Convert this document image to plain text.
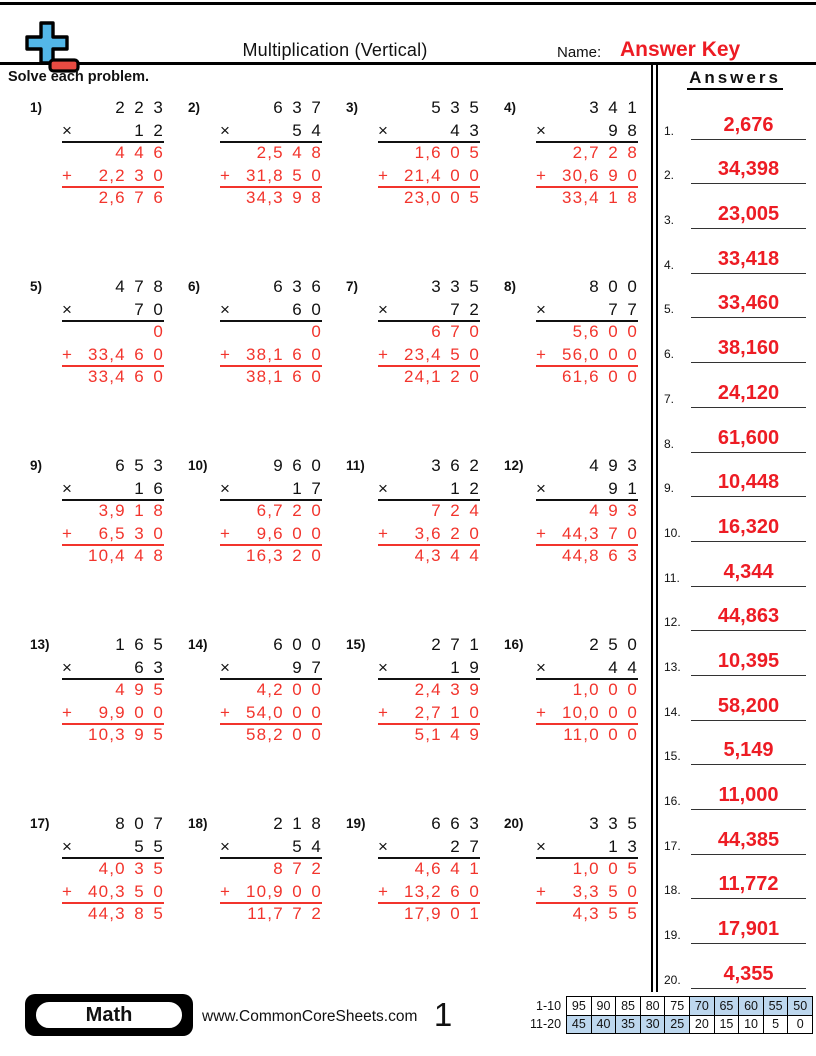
Multiplication (Vertical)	Name: Answer Key
Solve each problem.	Answers
1)	2 2 3
×	1 2
4 4 6
+ 2,2 3 0
2,6 7 6
2)	6 3 7
×	5 4
2,5 4 8
+ 31,8 5 0
34,3 9 8
3)	5 3 5
×	4 3
1,6 0 5
+ 21,4 0 0
23,0 0 5
4)	3 4 1
×	9 8
2,7 2 8
+ 30,6 9 0
33,4 1 8
5)	4 7 8
×	7 0
0
+ 33,4 6 0
33,4 6 0
6)	6 3 6
×	6 0
0
+ 38,1 6 0
38,1 6 0
7)	3 3 5
×	7 2
6 7 0
+ 23,4 5 0
24,1 2 0
8)	8 0 0
×	7 7
5,6 0 0
+ 56,0 0 0
61,6 0 0
9)	6 5 3
×	1 6
3,9 1 8
+ 6,5 3 0
10,4 4 8
10)	9 6 0
×	1 7
6,7 2 0
+ 9,6 0 0
16,3 2 0
11)	3 6 2
×	1 2
7 2 4
+ 3,6 2 0
4,3 4 4
12)	4 9 3
×	9 1
4 9 3
+ 44,3 7 0
44,8 6 3
13)	1 6 5
×	6 3
4 9 5
+ 9,9 0 0
10,3 9 5
14)	6 0 0
×	9 7
4,2 0 0
+ 54,0 0 0
58,2 0 0
15)	2 7 1
×	1 9
2,4 3 9
+ 2,7 1 0
5,1 4 9
16)	2 5 0
×	4 4
1,0 0 0
+ 10,0 0 0
11,0 0 0
17)	8 0 7
×	5 5
4,0 3 5
+ 40,3 5 0
44,3 8 5
18)	2 1 8
×	5 4
8 7 2
+ 10,9 0 0
11,7 7 2
19)	6 6 3
×	2 7
4,6 4 1
+ 13,2 6 0
17,9 0 1
20)	3 3 5
×	1 3
1,0 0 5
+ 3,3 5 0
4,3 5 5
1.	2,676
2.	34,398
3.	23,005
4.	33,418
5.	33,460
6.	38,160
7.	24,120
8.	61,600
9.	10,448
10.	16,320
11.	4,344
12.	44,863
13.	10,395
14.	58,200
15.	5,149
16.	11,000
17.	44,385
18.	11,772
19.	17,901
20.	4,355
Math	www.CommonCoreSheets.com 1	1-10	95	90	85	80	75	70	65	60	55	50
11-20	45	40	35	30	25	20	15	10	5	0
